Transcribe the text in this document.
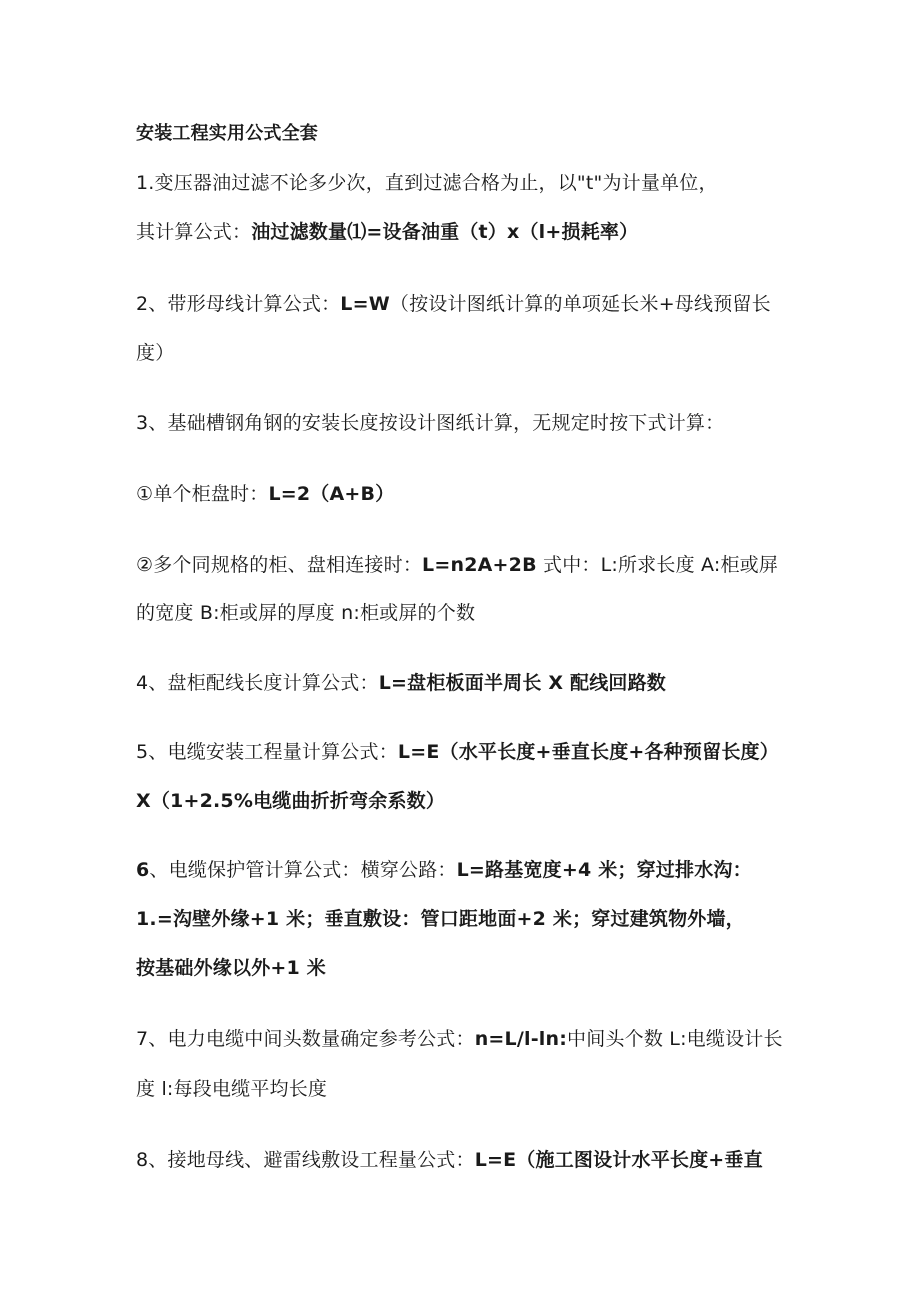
安装工程实用公式全套
1.变压器油过滤不论多少次，直到过滤合格为止，以"t"为计量单位，
其计算公式：油过滤数量⑴=设备油重（t）x（l+损耗率）
2、带形母线计算公式：L=W（按设计图纸计算的单项延长米+母线预留长
度）
3、基础槽钢角钢的安装长度按设计图纸计算，无规定时按下式计算：
①单个柜盘时：L=2（A+B）
②多个同规格的柜、盘相连接时：L=n2A+2B 式中：L:所求长度 A:柜或屏
的宽度 B:柜或屏的厚度 n:柜或屏的个数
4、盘柜配线长度计算公式：L=盘柜板面半周长 X 配线回路数
5、电缆安装工程量计算公式：L=E（水平长度+垂直长度+各种预留长度）
X（1+2.5%电缆曲折折弯余系数）
6、电缆保护管计算公式：横穿公路：L=路基宽度+4 米；穿过排水沟：
1.=沟壁外缘+1 米；垂直敷设：管口距地面+2 米；穿过建筑物外墙，
按基础外缘以外+1 米
7、电力电缆中间头数量确定参考公式：n=L/l-ln:中间头个数 L:电缆设计长
度 l:每段电缆平均长度
8、接地母线、避雷线敷设工程量公式：L=E（施工图设计水平长度+垂直
